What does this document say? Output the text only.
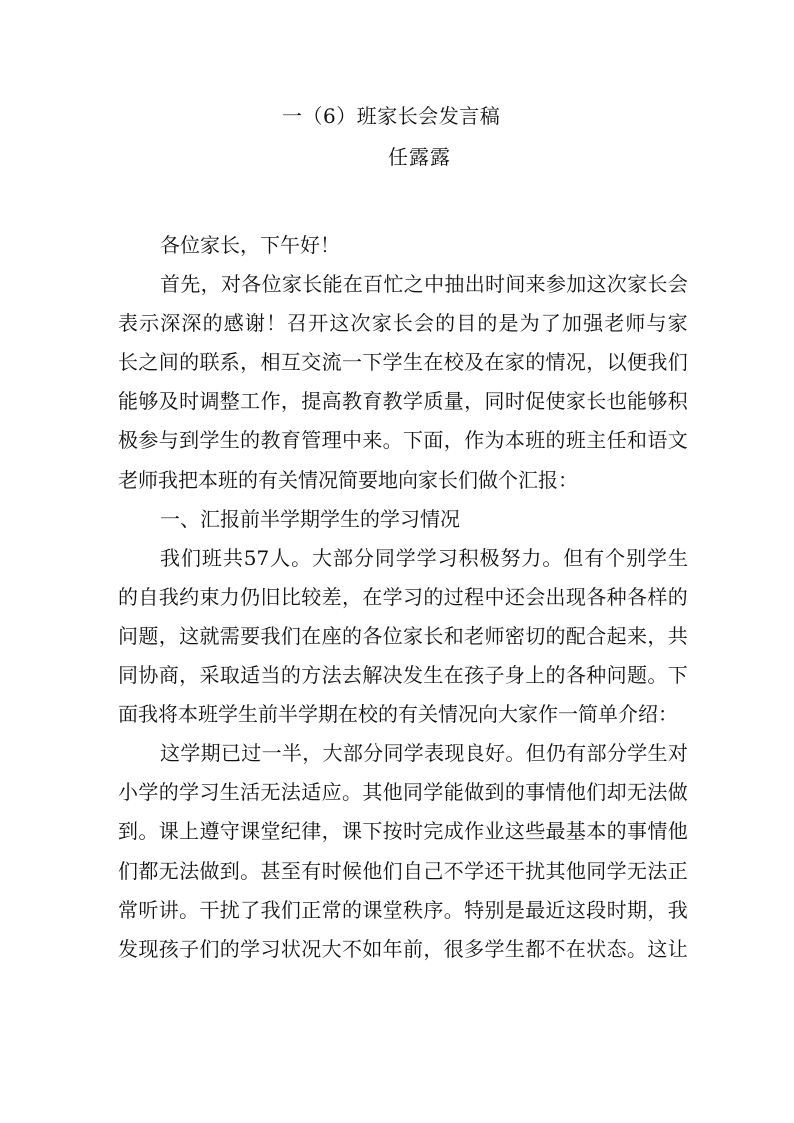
一（6）班家长会发言稿
任露露
各位家长，下午好！
首 先 ， 对 各 位 家 长 能 在 百 忙 之 中 抽 出 时 间 来 参 加 这 次 家 长 会
表 示 深 深 的 感 谢 ！ 召 开 这 次 家 长 会 的 目 的 是 为 了 加 强 老 师 与 家
长 之 间 的 联 系 ， 相 互 交 流 一 下 学 生 在 校 及 在 家 的 情 况 ， 以 便 我 们
能 够 及 时 调 整 工 作 ， 提 高 教 育 教 学 质 量 ， 同 时 促 使 家 长 也 能 够 积
极 参 与 到 学 生 的 教 育 管 理 中 来 。 下 面 ， 作 为 本 班 的 班 主 任 和 语 文
老师我把本班的有关情况简要地向家长们做个汇报：
一、汇报前半学期学生的学习情况
我 们 班 共 57 人 。 大 部 分 同 学 学 习 积 极 努 力 。 但 有 个 别 学 生
的 自 我 约 束 力 仍 旧 比 较 差 ， 在 学 习 的 过 程 中 还 会 出 现 各 种 各 样 的
问 题 ， 这 就 需 要 我 们 在 座 的 各 位 家 长 和 老 师 密 切 的 配 合 起 来 ， 共
同 协 商 ， 采 取 适 当 的 方 法 去 解 决 发 生 在 孩 子 身 上 的 各 种 问 题 。 下
面我将本班学生前半学期在校的有关情况向大家作一简单介绍：
这 学 期 已 过 一 半 ， 大 部 分 同 学 表 现 良 好 。 但 仍 有 部 分 学 生 对
小 学 的 学 习 生 活 无 法 适 应 。 其 他 同 学 能 做 到 的 事 情 他 们 却 无 法 做
到 。 课 上 遵 守 课 堂 纪 律 ， 课 下 按 时 完 成 作 业 这 些 最 基 本 的 事 情 他
们 都 无 法 做 到 。 甚 至 有 时 候 他 们 自 己 不 学 还 干 扰 其 他 同 学 无 法 正
常 听 讲 。 干 扰 了 我 们 正 常 的 课 堂 秩 序 。 特 别 是 最 近 这 段 时 期 ， 我
发 现 孩 子 们 的 学 习 状 况 大 不 如 年 前 ， 很 多 学 生 都 不 在 状 态 。 这 让
